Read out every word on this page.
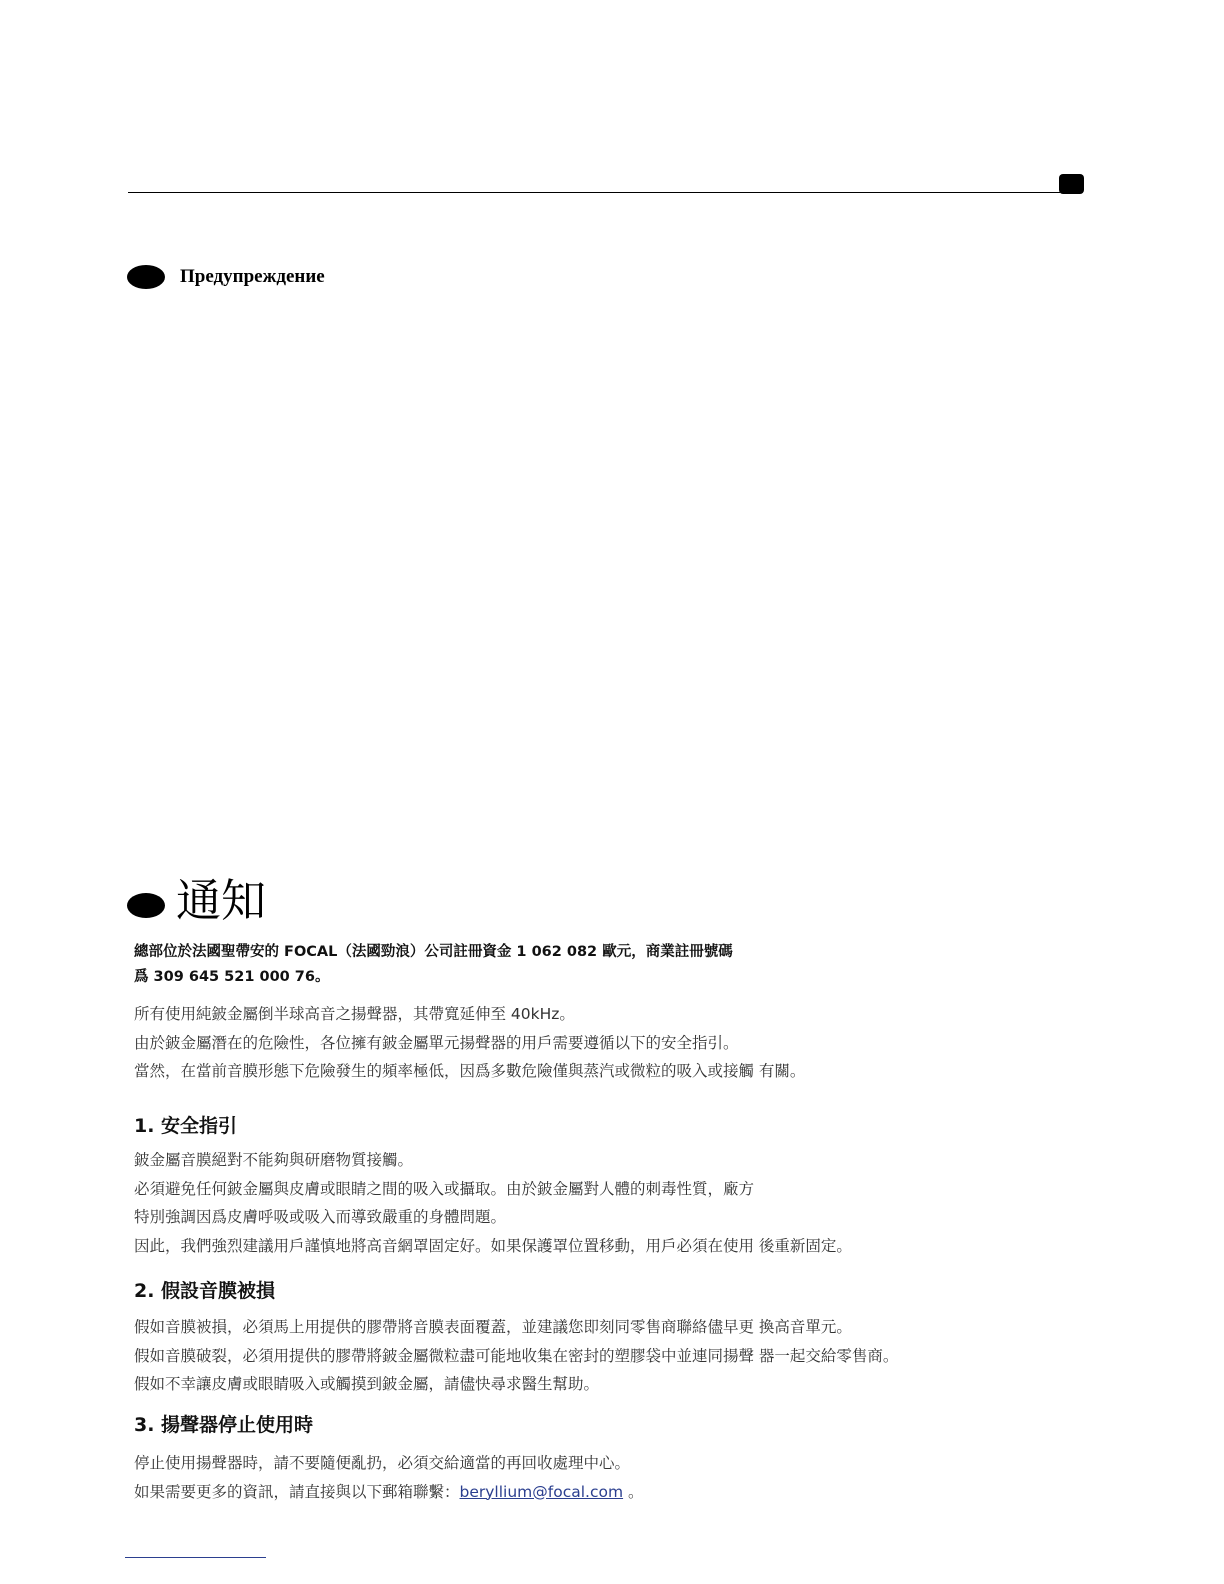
Предупреждение
通知
總部位於法國聖帶安的 FOCAL（法國勁浪）公司註冊資金 1 062 082 歐元，商業註冊號碼
爲 309 645 521 000 76。
所有使用純鈹金屬倒半球高音之揚聲器，其帶寬延伸至 40kHz。
由於鈹金屬潛在的危險性，各位擁有鈹金屬單元揚聲器的用戶需要遵循以下的安全指引。
當然，在當前音膜形態下危險發生的頻率極低，因爲多數危險僅與蒸汽或微粒的吸入或接觸 有關。
1. 安全指引
鈹金屬音膜絕對不能夠與研磨物質接觸。
必須避免任何鈹金屬與皮膚或眼睛之間的吸入或攝取。由於鈹金屬對人體的刺毒性質，廠方
特別強調因爲皮膚呼吸或吸入而導致嚴重的身體問題。
因此，我們強烈建議用戶謹慎地將高音網罩固定好。如果保護罩位置移動，用戶必須在使用 後重新固定。
2. 假設音膜被損
假如音膜被損，必須馬上用提供的膠帶將音膜表面覆蓋，並建議您即刻同零售商聯絡儘早更 換高音單元。
假如音膜破裂，必須用提供的膠帶將鈹金屬微粒盡可能地收集在密封的塑膠袋中並連同揚聲 器一起交給零售商。
假如不幸讓皮膚或眼睛吸入或觸摸到鈹金屬，請儘快尋求醫生幫助。
3. 揚聲器停止使用時
停止使用揚聲器時，請不要隨便亂扔，必須交給適當的再回收處理中心。
如果需要更多的資訊，請直接與以下郵箱聯繫：beryllium@focal.com 。
